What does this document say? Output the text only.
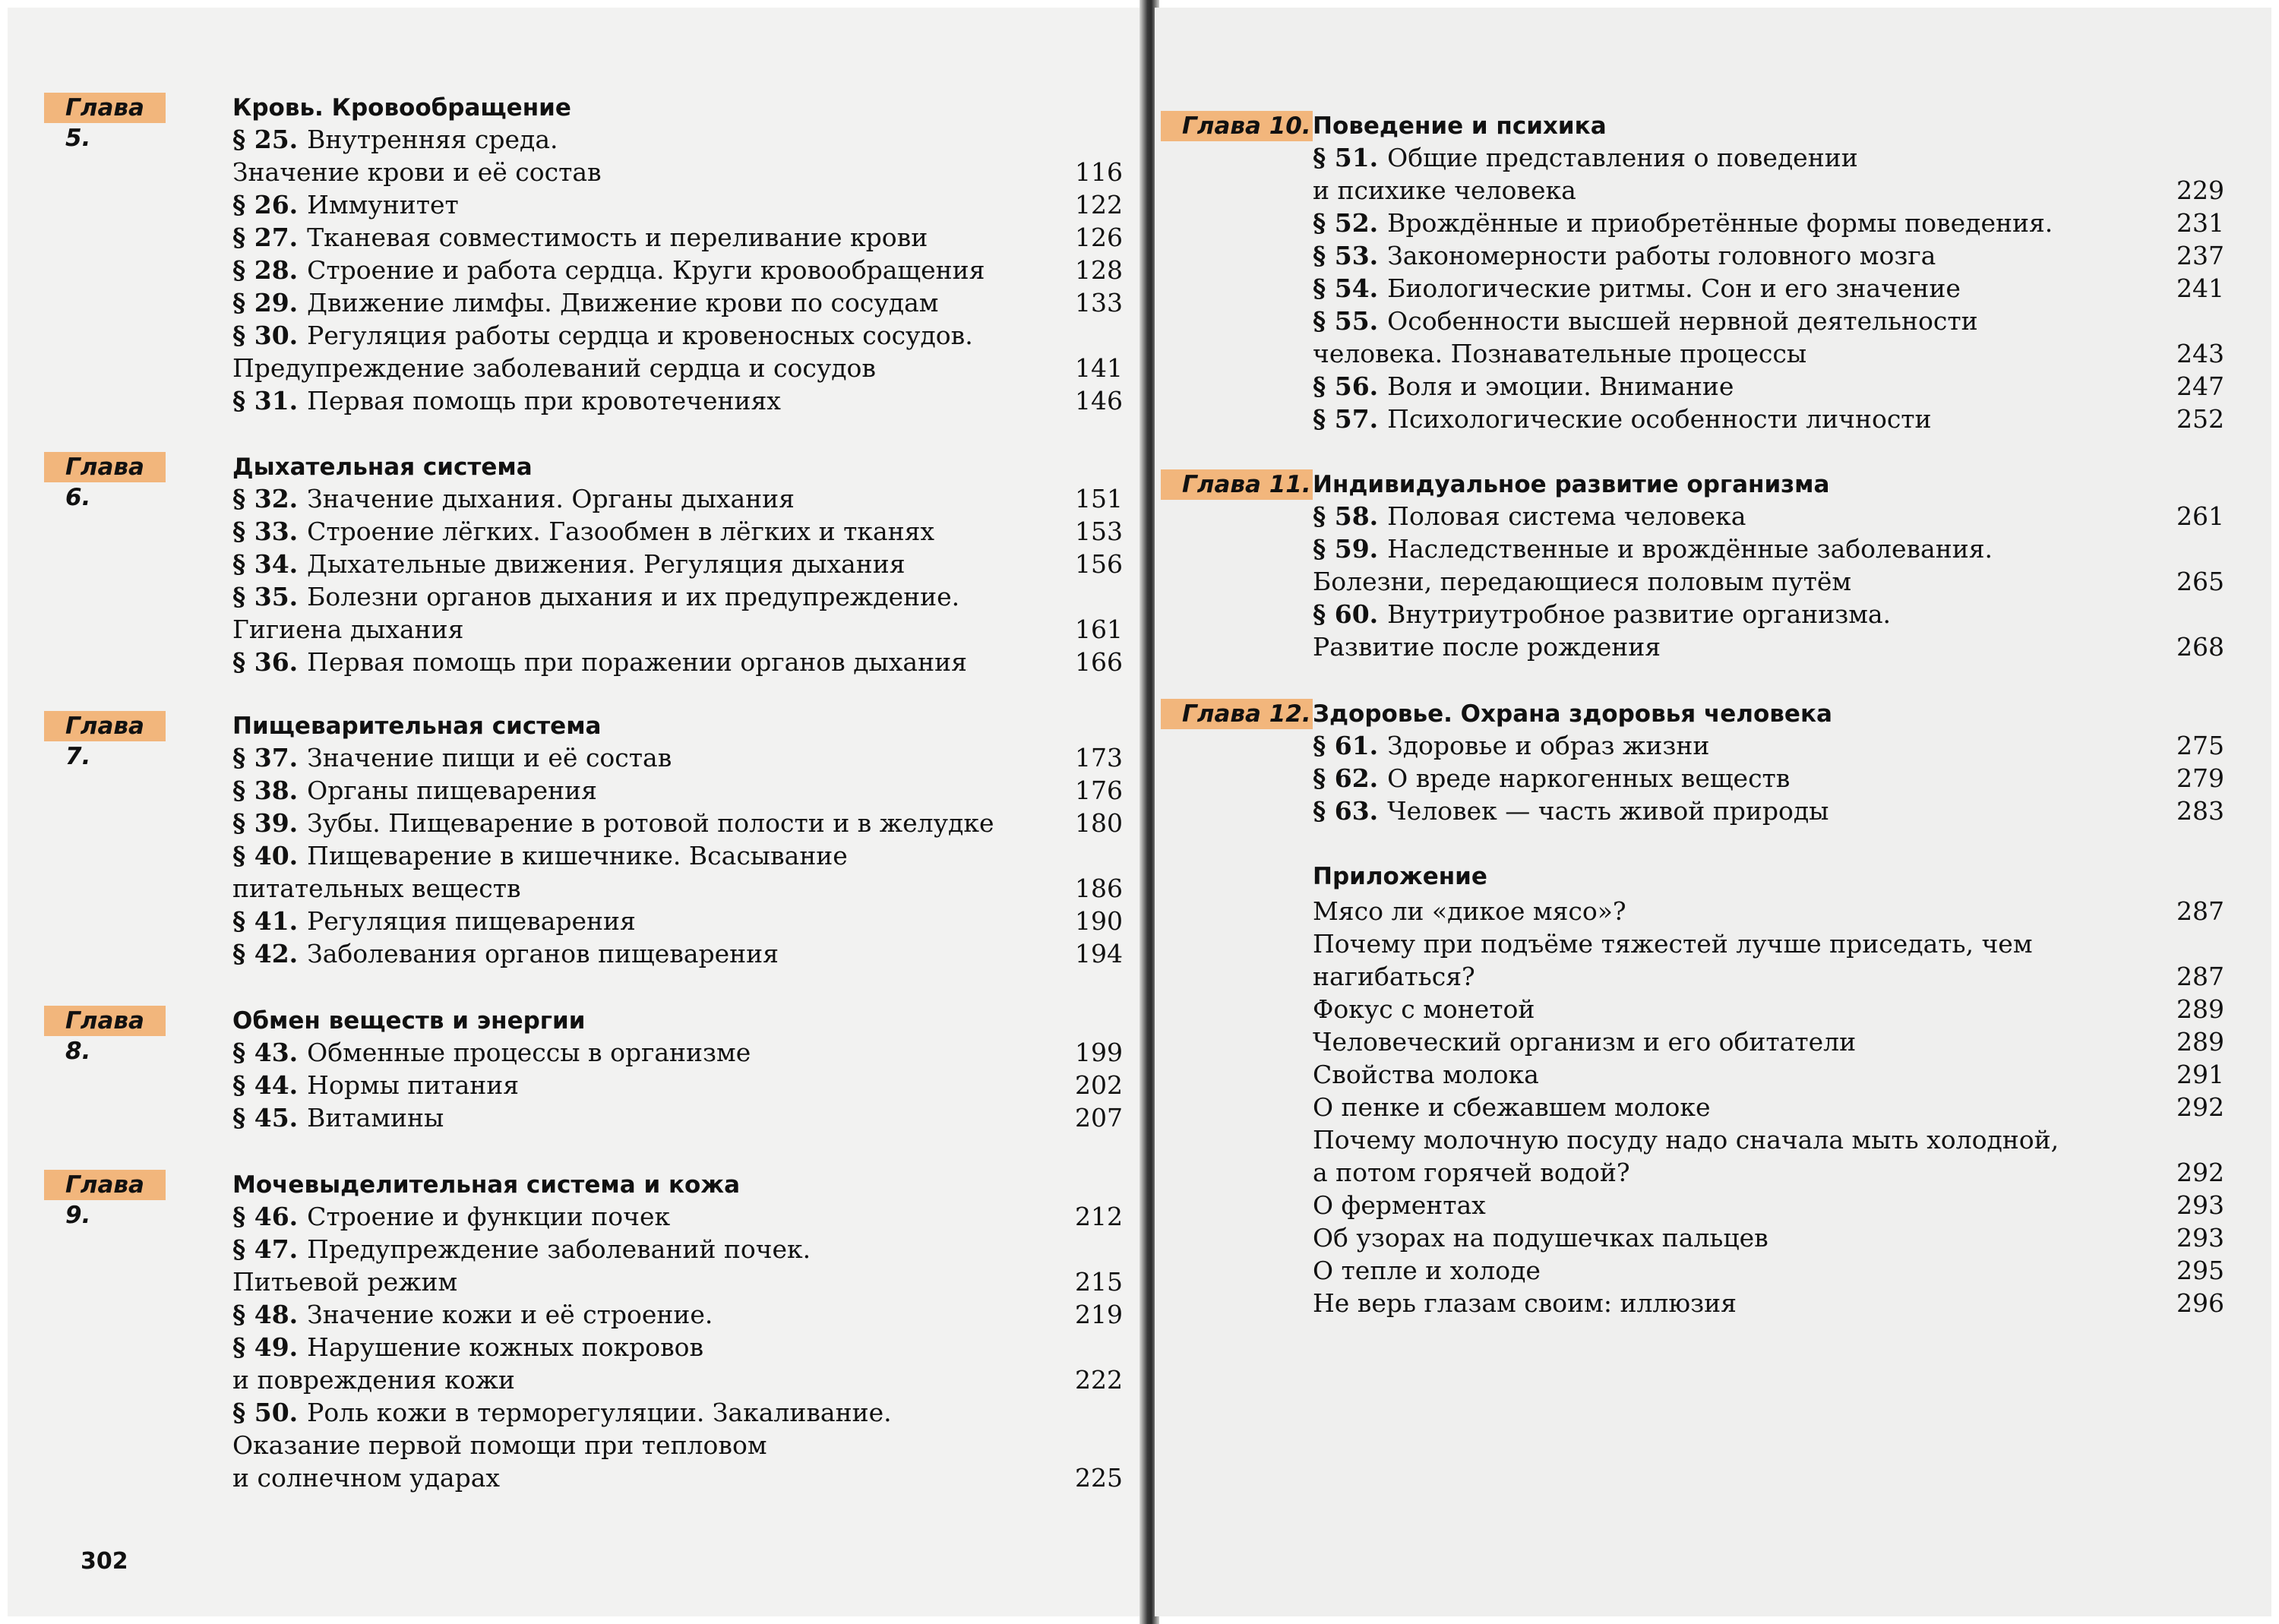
Глава 5.
Кровь. Кровообращение
§ 25. Внутренняя среда.
Значение крови и её состав	116
§ 26. Иммунитет	122
§ 27. Тканевая совместимость и переливание крови	126
§ 28. Строение и работа сердца. Круги кровообращения	128
§ 29. Движение лимфы. Движение крови по сосудам	133
§ 30. Регуляция работы сердца и кровеносных сосудов.
Предупреждение заболеваний сердца и сосудов	141
§ 31. Первая помощь при кровотечениях	146
Глава 6.
Дыхательная система
§ 32. Значение дыхания. Органы дыхания	151
§ 33. Строение лёгких. Газообмен в лёгких и тканях	153
§ 34. Дыхательные движения. Регуляция дыхания	156
§ 35. Болезни органов дыхания и их предупреждение.
Гигиена дыхания	161
§ 36. Первая помощь при поражении органов дыхания	166
Глава 7.
Пищеварительная система
§ 37. Значение пищи и её состав	173
§ 38. Органы пищеварения	176
§ 39. Зубы. Пищеварение в ротовой полости и в желудке	180
§ 40. Пищеварение в кишечнике. Всасывание
питательных веществ	186
§ 41. Регуляция пищеварения	190
§ 42. Заболевания органов пищеварения	194
Глава 8.
Обмен веществ и энергии
§ 43. Обменные процессы в организме	199
§ 44. Нормы питания	202
§ 45. Витамины	207
Глава 9.
Мочевыделительная система и кожа
§ 46. Строение и функции почек	212
§ 47. Предупреждение заболеваний почек.
Питьевой режим	215
§ 48. Значение кожи и её строение.	219
§ 49. Нарушение кожных покровов
и повреждения кожи	222
§ 50. Роль кожи в терморегуляции. Закаливание.
Оказание первой помощи при тепловом
и солнечном ударах	225
302
Глава 10. Поведение и психика
§ 51. Общие представления о поведении
и психике человека	229
§ 52. Врождённые и приобретённые формы поведения.	231
§ 53. Закономерности работы головного мозга	237
§ 54. Биологические ритмы. Сон и его значение	241
§ 55. Особенности высшей нервной деятельности
человека. Познавательные процессы	243
§ 56. Воля и эмоции. Внимание	247
§ 57. Психологические особенности личности	252
Глава 11. Индивидуальное развитие организма
§ 58. Половая система человека	261
§ 59. Наследственные и врождённые заболевания.
Болезни, передающиеся половым путём	265
§ 60. Внутриутробное развитие организма.
Развитие после рождения	268
Глава 12. Здоровье. Охрана здоровья человека
§ 61. Здоровье и образ жизни	275
§ 62. О вреде наркогенных веществ	279
§ 63. Человек — часть живой природы	283
Приложение
Мясо ли «дикое мясо»?	287
Почему при подъёме тяжестей лучше приседать, чем
нагибаться?	287
Фокус с монетой	289
Человеческий организм и его обитатели	289
Свойства молока	291
О пенке и сбежавшем молоке	292
Почему молочную посуду надо сначала мыть холодной,
а потом горячей водой?	292
О ферментах	293
Об узорах на подушечках пальцев	293
О тепле и холоде	295
Не верь глазам своим: иллюзия	296
